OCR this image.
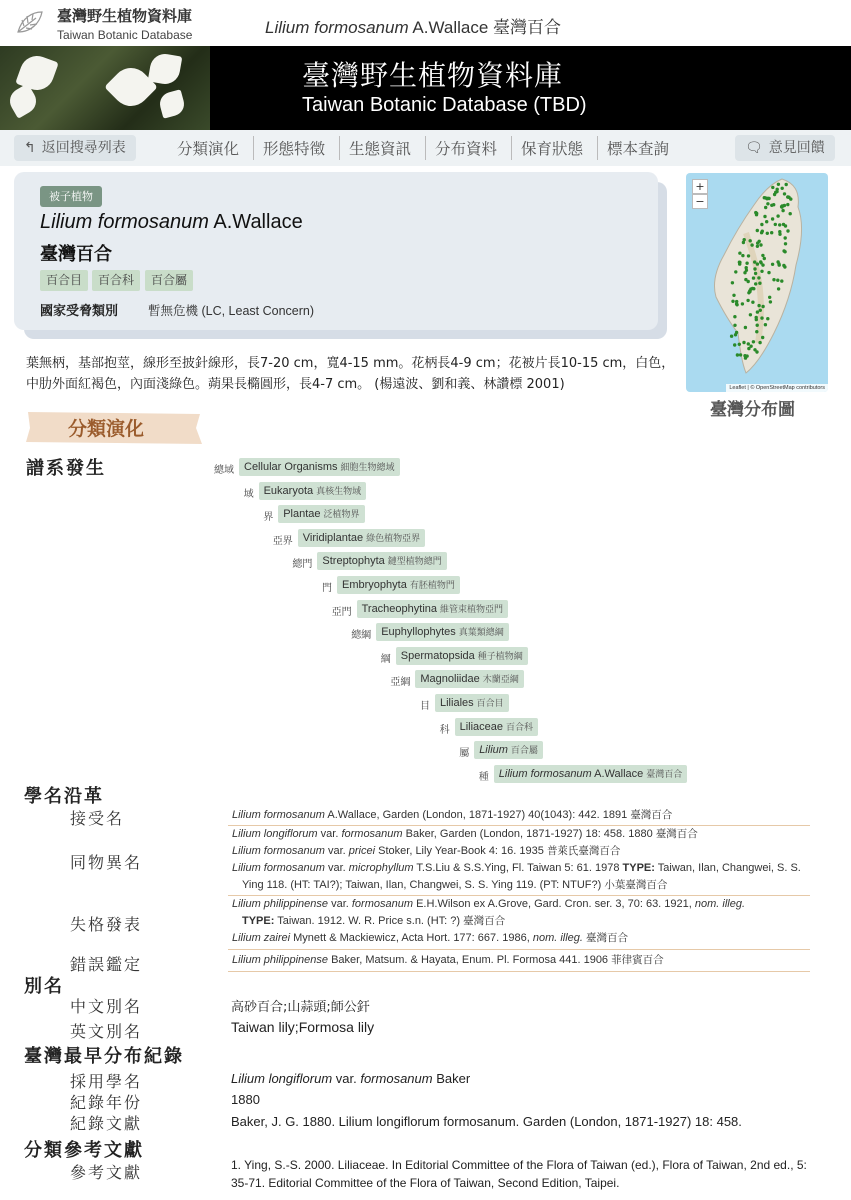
臺灣野生植物資料庫
Taiwan Botanic Database	Lilium formosanum A.Wallace 臺灣百合
臺灣野生植物資料庫
Taiwan Botanic Database (TBD)
↰ 返回搜尋列表	分類演化 形態特徵 生態資訊 分布資料 保育狀態 標本查詢	🗨 意見回饋
被子植物
Lilium formosanum A.Wallace
臺灣百合
百合目	百合科	百合屬
國家受脅類別 暫無危機 (LC, Least Concern)
+
−
Leaflet | © OpenStreetMap contributors
臺灣分布圖
葉無柄，基部抱莖，線形至披針線形，長7-20 cm，寬4-15 mm。花柄長4-9 cm；花被片長10-15 cm，白色，中肋外面紅褐色，內面淺綠色。蒴果長橢圓形，長4-7 cm。 (楊遠波、劉和義、林讚標 2001)
分類演化
譜系發生	總域 Cellular Organisms 細胞生物總域
域 Eukaryota 真核生物域
界 Plantae 泛植物界
亞界 Viridiplantae 綠色植物亞界
總門 Streptophyta 鏈型植物總門
門 Embryophyta 有胚植物門
亞門 Tracheophytina 維管束植物亞門
總綱 Euphyllophytes 真葉類總綱
綱 Spermatopsida 種子植物綱
亞綱 Magnoliidae 木蘭亞綱
目 Liliales 百合目
科 Liliaceae 百合科
屬 Lilium 百合屬
種 Lilium formosanum A.Wallace 臺灣百合
學名沿革
接受名	Lilium formosanum A.Wallace, Garden (London, 1871-1927) 40(1043): 442. 1891 臺灣百合
同物異名
Lilium longiflorum var. formosanum Baker, Garden (London, 1871-1927) 18: 458. 1880 臺灣百合
Lilium formosanum var. pricei Stoker, Lily Year-Book 4: 16. 1935 普萊氏臺灣百合
Lilium formosanum var. microphyllum T.S.Liu & S.S.Ying, Fl. Taiwan 5: 61. 1978 TYPE: Taiwan, Ilan, Changwei, S. S. Ying 118. (HT: TAI?); Taiwan, Ilan, Changwei, S. S. Ying 119. (PT: NTUF?) 小葉臺灣百合
失格發表
Lilium philippinense var. formosanum E.H.Wilson ex A.Grove, Gard. Cron. ser. 3, 70: 63. 1921, nom. illeg.
TYPE: Taiwan. 1912. W. R. Price s.n. (HT: ?) 臺灣百合
Lilium zairei Mynett & Mackiewicz, Acta Hort. 177: 667. 1986, nom. illeg. 臺灣百合
錯誤鑑定	Lilium philippinense Baker, Matsum. & Hayata, Enum. Pl. Formosa 441. 1906 菲律賓百合
別名
中文別名	高砂百合;山蒜頭;師公釬
英文別名	Taiwan lily;Formosa lily
臺灣最早分布紀錄
採用學名	Lilium longiflorum var. formosanum Baker
紀錄年份	1880
紀錄文獻	Baker, J. G. 1880. Lilium longiflorum formosanum. Garden (London, 1871-1927) 18: 458.
分類參考文獻
參考文獻	1. Ying, S.-S. 2000. Liliaceae. In Editorial Committee of the Flora of Taiwan (ed.), Flora of Taiwan, 2nd ed., 5: 35-71. Editorial Committee of the Flora of Taiwan, Second Edition, Taipei.
